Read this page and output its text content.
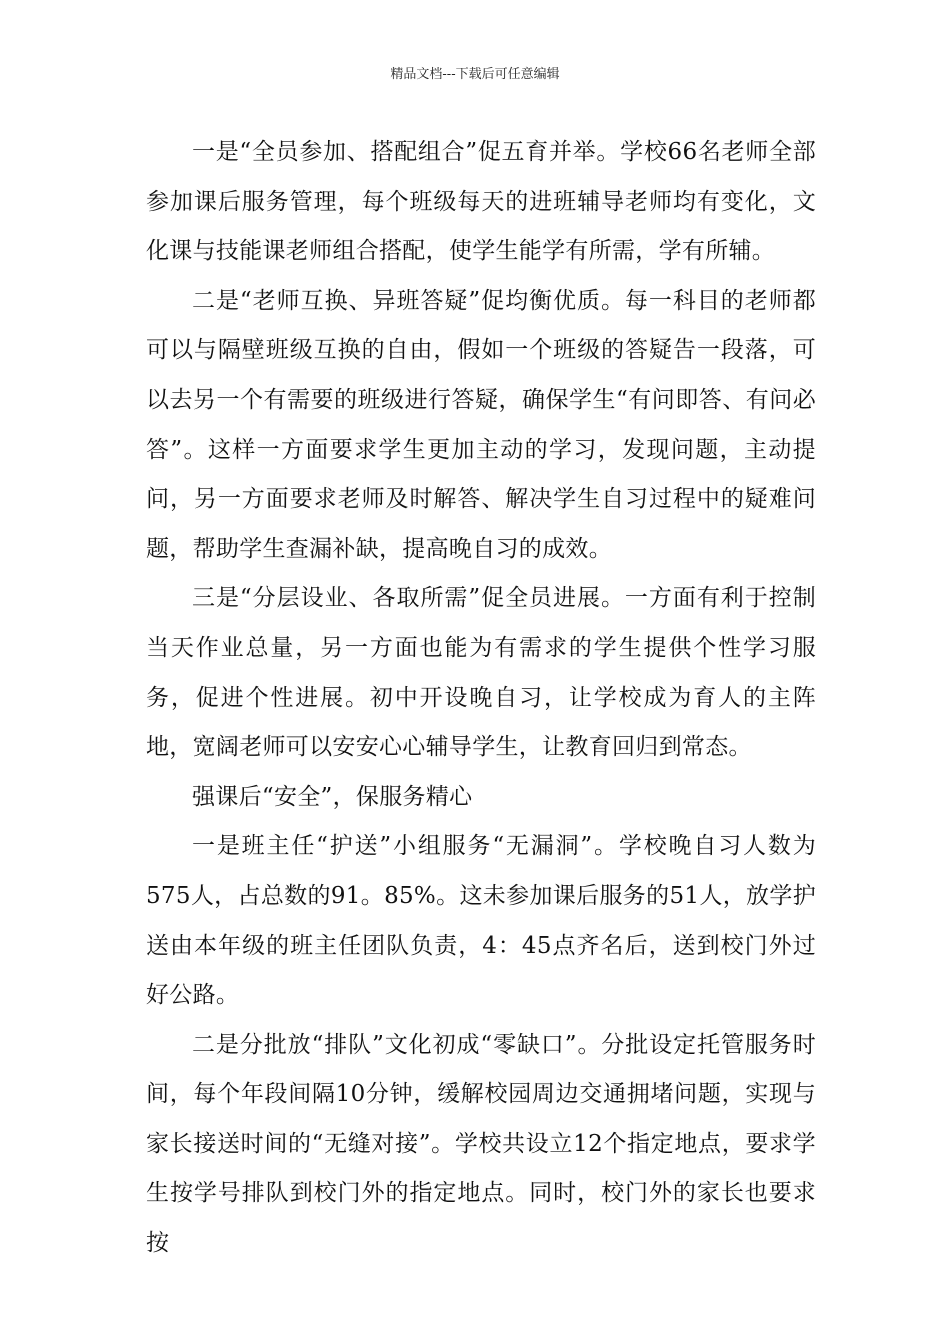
精品文档---下载后可任意编辑

一是“全员参加、搭配组合”促五育并举。学校66名老师全部参加课后服务管理，每个班级每天的进班辅导老师均有变化，文化课与技能课老师组合搭配，使学生能学有所需，学有所辅。

二是“老师互换、异班答疑”促均衡优质。每一科目的老师都可以与隔壁班级互换的自由，假如一个班级的答疑告一段落，可以去另一个有需要的班级进行答疑，确保学生“有问即答、有问必答”。这样一方面要求学生更加主动的学习，发现问题，主动提问，另一方面要求老师及时解答、解决学生自习过程中的疑难问题，帮助学生查漏补缺，提高晚自习的成效。

三是“分层设业、各取所需”促全员进展。一方面有利于控制当天作业总量，另一方面也能为有需求的学生提供个性学习服务，促进个性进展。初中开设晚自习，让学校成为育人的主阵地，宽阔老师可以安安心心辅导学生，让教育回归到常态。

强课后“安全”，保服务精心

一是班主任“护送”小组服务“无漏洞”。学校晚自习人数为575人，占总数的91。85%。这未参加课后服务的51人，放学护送由本年级的班主任团队负责，4：45点齐名后，送到校门外过好公路。

二是分批放“排队”文化初成“零缺口”。分批设定托管服务时间，每个年段间隔10分钟，缓解校园周边交通拥堵问题，实现与家长接送时间的“无缝对接”。学校共设立12个指定地点，要求学生按学号排队到校门外的指定地点。同时，校门外的家长也要求按
